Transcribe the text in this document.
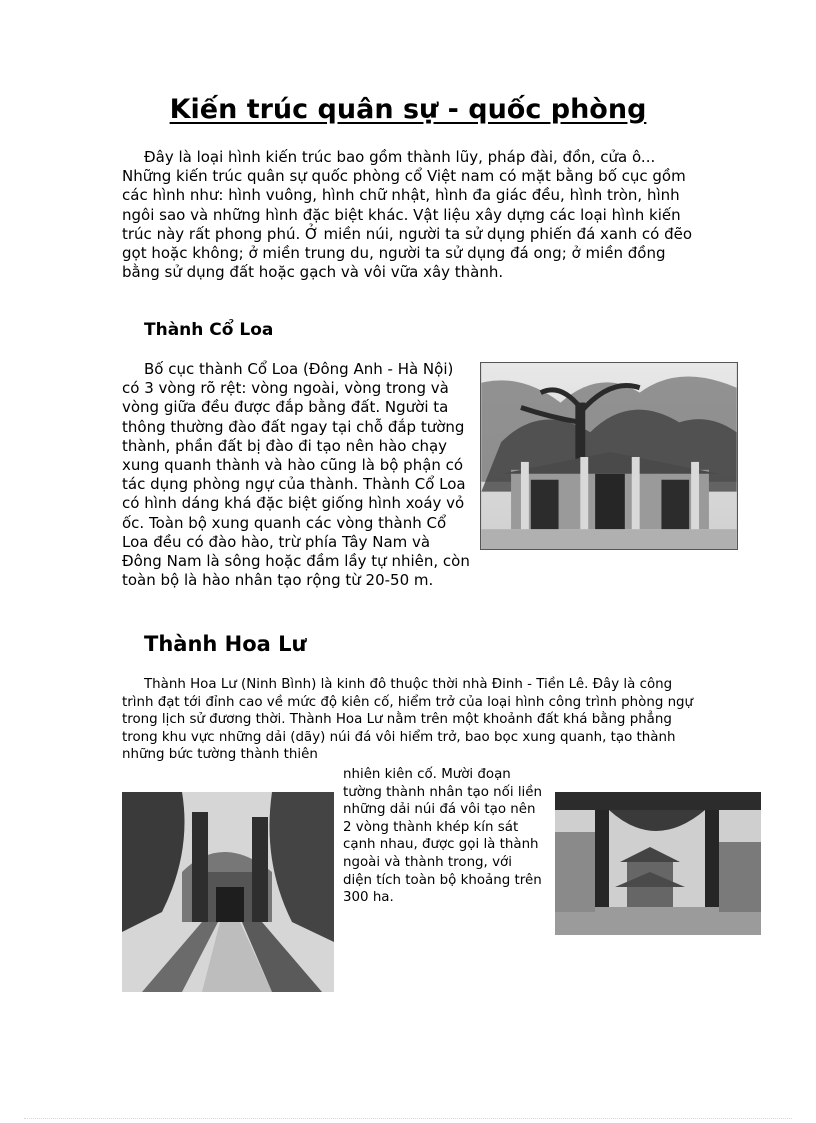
Kiến trúc quân sự - quốc phòng

Đây là loại hình kiến trúc bao gồm thành lũy, pháp đài, đồn, cửa ô... Những kiến trúc quân sự quốc phòng cổ Việt nam có mặt bằng bố cục gồm các hình như: hình vuông, hình chữ nhật, hình đa giác đều, hình tròn, hình ngôi sao và những hình đặc biệt khác. Vật liệu xây dựng các loại hình kiến trúc này rất phong phú. Ở miền núi, người ta sử dụng phiến đá xanh có đẽo gọt hoặc không; ở miền trung du, người ta sử dụng đá ong; ở miền đồng bằng sử dụng đất hoặc gạch và vôi vữa xây thành.

Thành Cổ Loa

Bố cục thành Cổ Loa (Đông Anh - Hà Nội) có 3 vòng rõ rệt: vòng ngoài, vòng trong và vòng giữa đều được đắp bằng đất. Người ta thông thường đào đất ngay tại chỗ đắp tường thành, phần đất bị đào đi tạo nên hào chạy xung quanh thành và hào cũng là bộ phận có tác dụng phòng ngự của thành. Thành Cổ Loa có hình dáng khá đặc biệt giống hình xoáy vỏ ốc. Toàn bộ xung quanh các vòng thành Cổ Loa đều có đào hào, trừ phía Tây Nam và Đông Nam là sông hoặc đầm lầy tự nhiên, còn toàn bộ là hào nhân tạo rộng từ 20-50 m.

Thành Hoa Lư

Thành Hoa Lư (Ninh Bình) là kinh đô thuộc thời nhà Đinh - Tiền Lê. Đây là công trình đạt tới đỉnh cao về mức độ kiên cố, hiểm trở của loại hình công trình phòng ngự trong lịch sử đương thời. Thành Hoa Lư nằm trên một khoảnh đất khá bằng phẳng trong khu vực những dải (dãy) núi đá vôi hiểm trở, bao bọc xung quanh, tạo thành những bức tường thành thiên

nhiên kiên cố. Mười đoạn tường thành nhân tạo nối liền những dải núi đá vôi tạo nên 2 vòng thành khép kín sát cạnh nhau, được gọi là thành ngoài và thành trong, với diện tích toàn bộ khoảng trên 300 ha.
